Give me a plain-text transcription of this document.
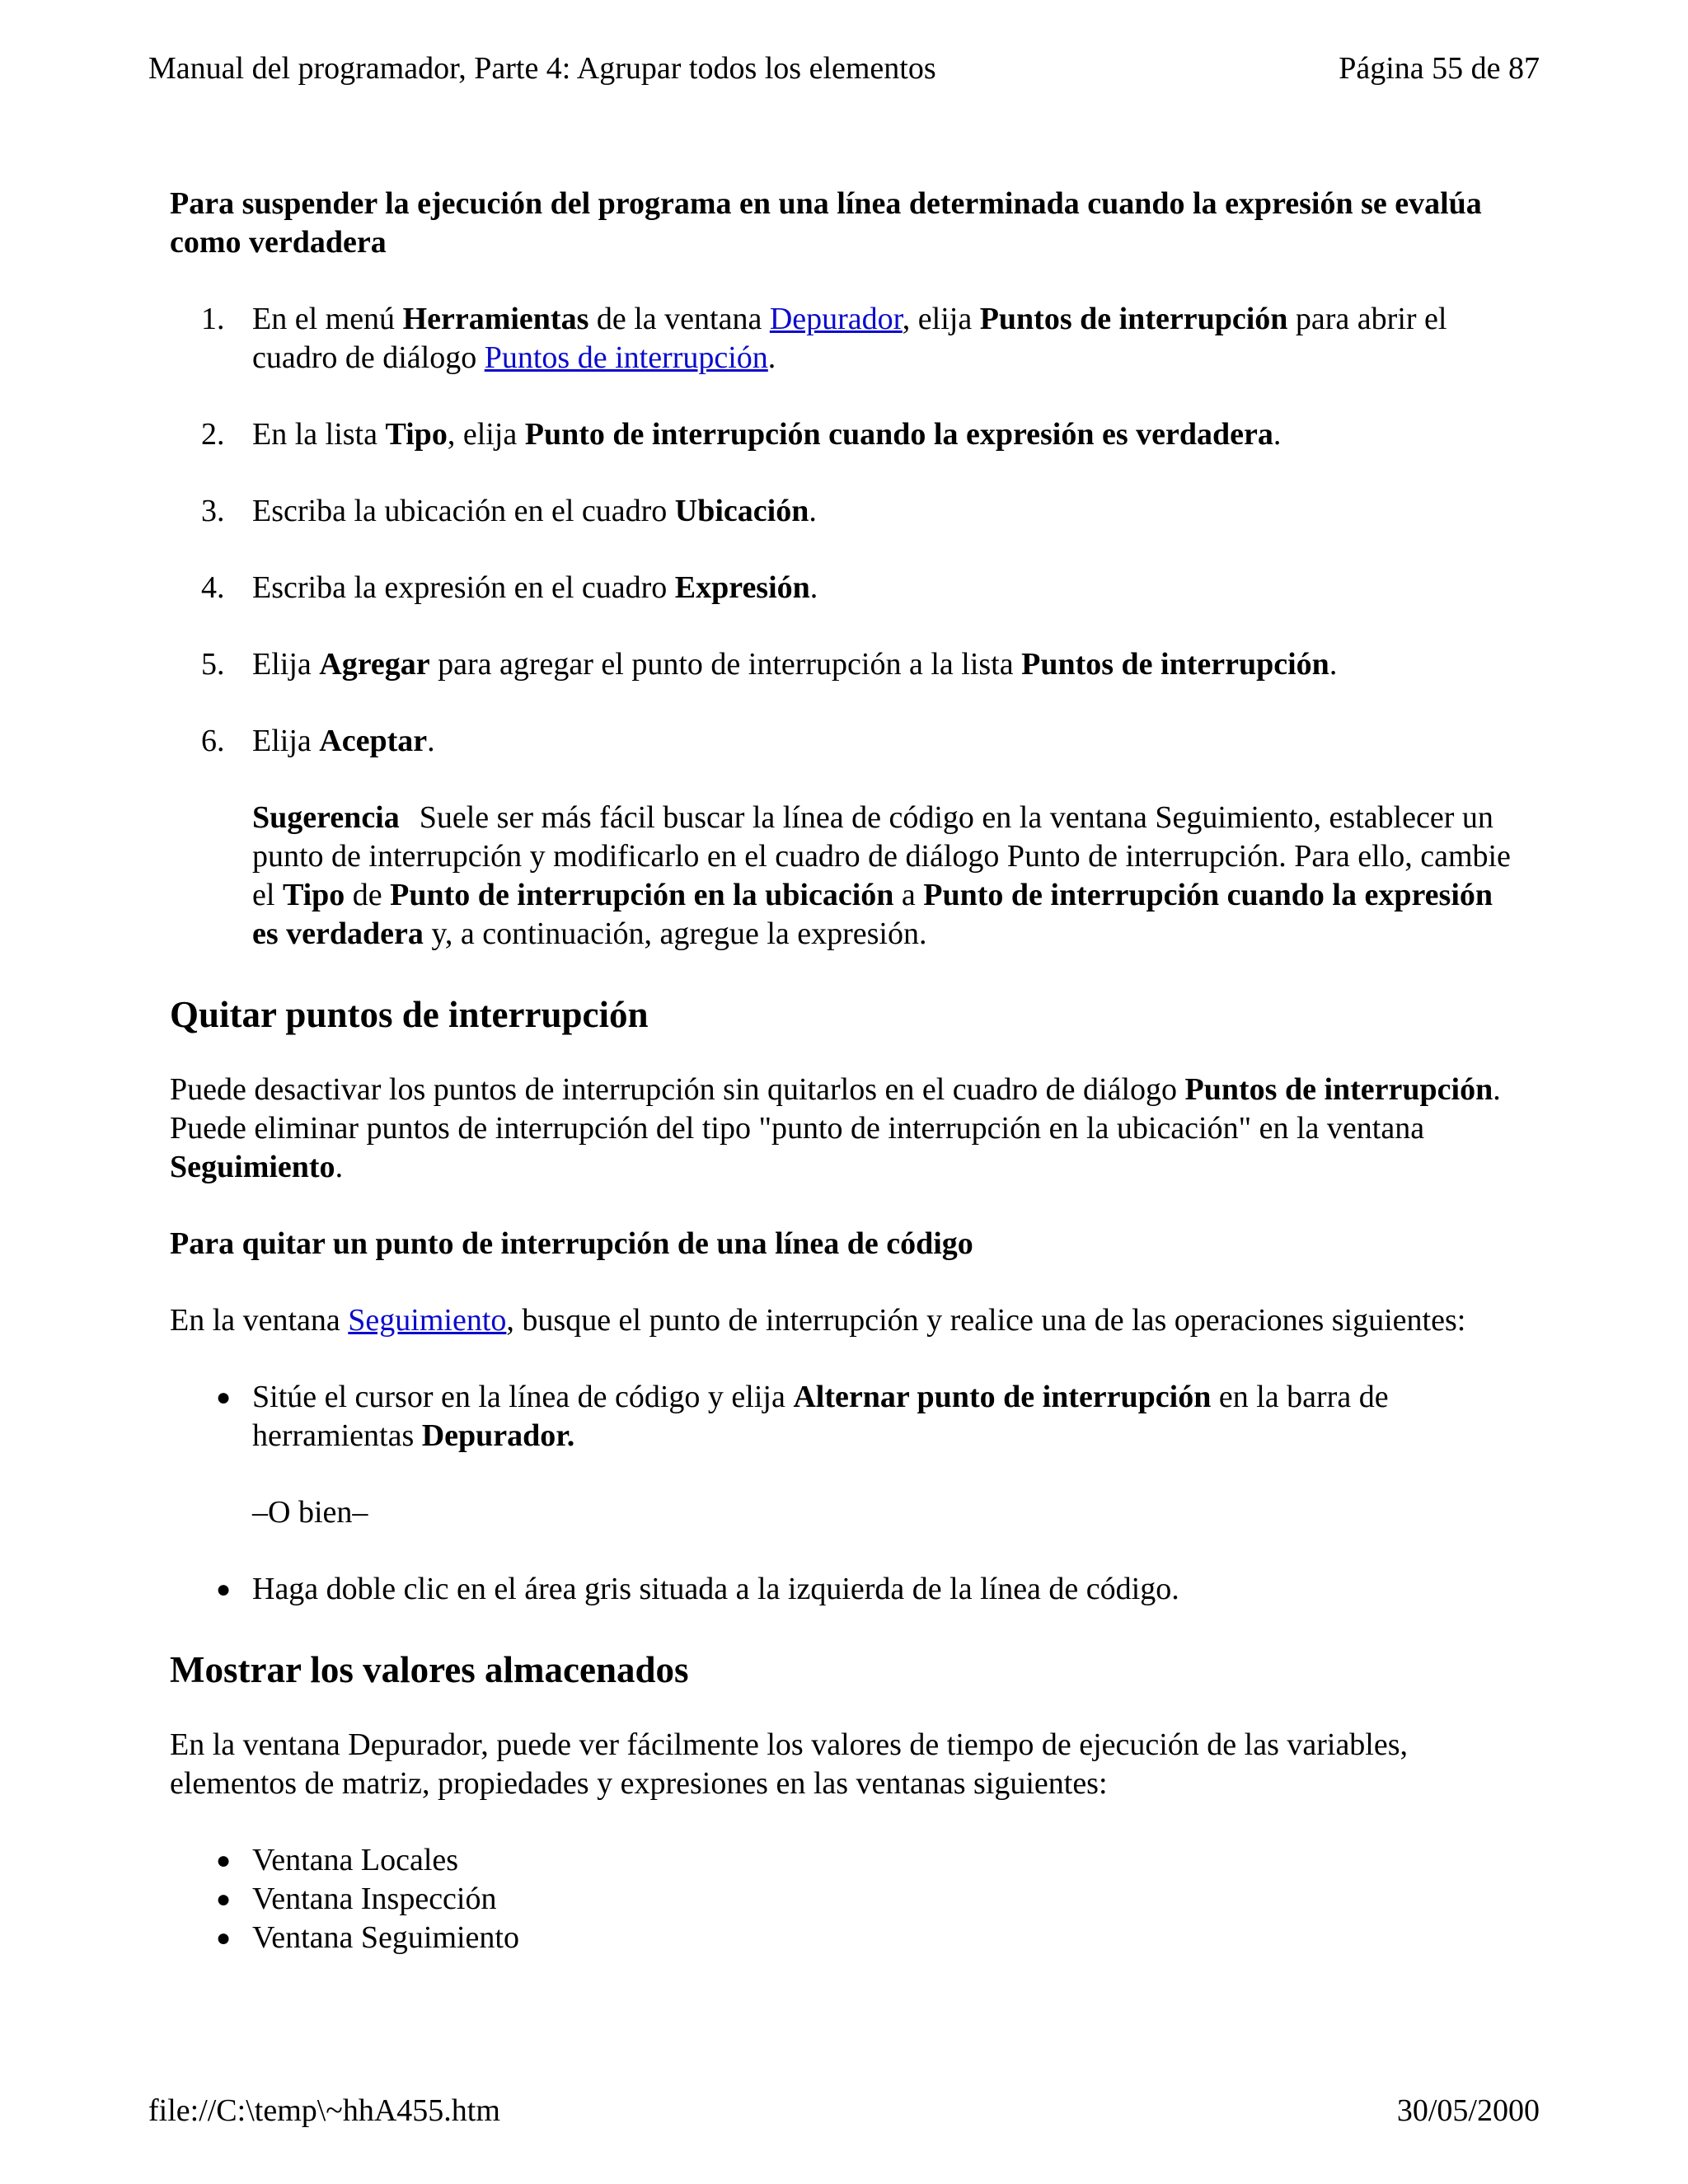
Manual del programador, Parte 4: Agrupar todos los elementos	Página 55 de 87

Para suspender la ejecución del programa en una línea determinada cuando la expresión se evalúa como verdadera

1. En el menú Herramientas de la ventana Depurador, elija Puntos de interrupción para abrir el cuadro de diálogo Puntos de interrupción.
2. En la lista Tipo, elija Punto de interrupción cuando la expresión es verdadera.
3. Escriba la ubicación en el cuadro Ubicación.
4. Escriba la expresión en el cuadro Expresión.
5. Elija Agregar para agregar el punto de interrupción a la lista Puntos de interrupción.
6. Elija Aceptar.

Sugerencia Suele ser más fácil buscar la línea de código en la ventana Seguimiento, establecer un punto de interrupción y modificarlo en el cuadro de diálogo Punto de interrupción. Para ello, cambie el Tipo de Punto de interrupción en la ubicación a Punto de interrupción cuando la expresión es verdadera y, a continuación, agregue la expresión.

Quitar puntos de interrupción

Puede desactivar los puntos de interrupción sin quitarlos en el cuadro de diálogo Puntos de interrupción. Puede eliminar puntos de interrupción del tipo "punto de interrupción en la ubicación" en la ventana Seguimiento.

Para quitar un punto de interrupción de una línea de código

En la ventana Seguimiento, busque el punto de interrupción y realice una de las operaciones siguientes:

● Sitúe el cursor en la línea de código y elija Alternar punto de interrupción en la barra de herramientas Depurador.

–O bien–

● Haga doble clic en el área gris situada a la izquierda de la línea de código.
Mostrar los valores almacenados

En la ventana Depurador, puede ver fácilmente los valores de tiempo de ejecución de las variables, elementos de matriz, propiedades y expresiones en las ventanas siguientes:

● Ventana Locales
● Ventana Inspección
● Ventana Seguimiento
file://C:\temp\~hhA455.htm	30/05/2000
